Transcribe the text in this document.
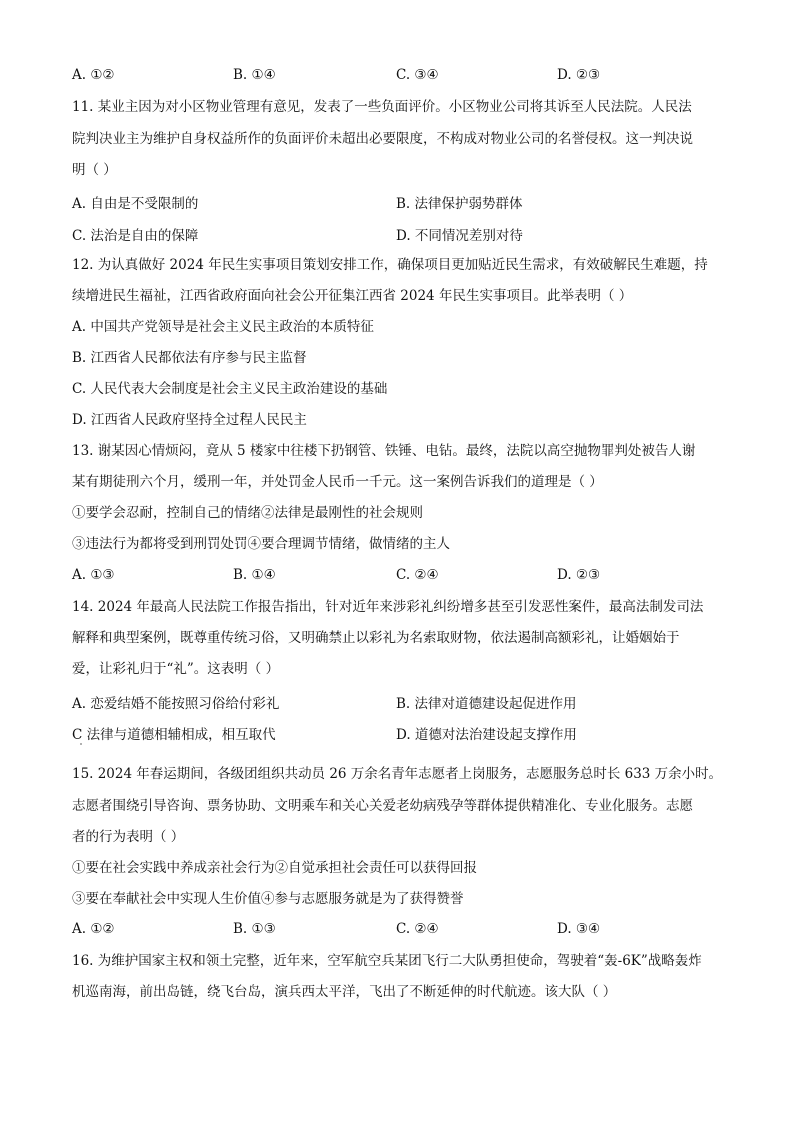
A. ①②	B. ①④	C. ③④	D. ②③
11. 某业主因为对小区物业管理有意见，发表了一些负面评价。小区物业公司将其诉至人民法院。人民法
院判决业主为维护自身权益所作的负面评价未超出必要限度，不构成对物业公司的名誉侵权。这一判决说
明（ ）
A. 自由是不受限制的	B. 法律保护弱势群体
C. 法治是自由的保障	D. 不同情况差别对待
12. 为认真做好 2024 年民生实事项目策划安排工作，确保项目更加贴近民生需求，有效破解民生难题，持
续增进民生福祉，江西省政府面向社会公开征集江西省 2024 年民生实事项目。此举表明（ ）
A. 中国共产党领导是社会主义民主政治的本质特征
B. 江西省人民都依法有序参与民主监督
C. 人民代表大会制度是社会主义民主政治建设的基础
D. 江西省人民政府坚持全过程人民民主
13. 谢某因心情烦闷，竟从 5 楼家中往楼下扔钢管、铁锤、电钻。最终，法院以高空抛物罪判处被告人谢
某有期徒刑六个月，缓刑一年，并处罚金人民币一千元。这一案例告诉我们的道理是（ ）
①要学会忍耐，控制自己的情绪②法律是最刚性的社会规则
③违法行为都将受到刑罚处罚④要合理调节情绪，做情绪的主人
A. ①③	B. ①④	C. ②④	D. ②③
14. 2024 年最高人民法院工作报告指出，针对近年来涉彩礼纠纷增多甚至引发恶性案件，最高法制发司法
解释和典型案例，既尊重传统习俗，又明确禁止以彩礼为名索取财物，依法遏制高额彩礼，让婚姻始于
爱，让彩礼归于“礼”。这表明（ ）
A. 恋爱结婚不能按照习俗给付彩礼	B. 法律对道德建设起促进作用
C 法律与道德相辅相成，相互取代	D. 道德对法治建设起支撑作用
15. 2024 年春运期间，各级团组织共动员 26 万余名青年志愿者上岗服务，志愿服务总时长 633 万余小时。
志愿者围绕引导咨询、票务协助、文明乘车和关心关爱老幼病残孕等群体提供精准化、专业化服务。志愿
者的行为表明（ ）
①要在社会实践中养成亲社会行为②自觉承担社会责任可以获得回报
③要在奉献社会中实现人生价值④参与志愿服务就是为了获得赞誉
A. ①②	B. ①③	C. ②④	D. ③④
16. 为维护国家主权和领土完整，近年来，空军航空兵某团飞行二大队勇担使命，驾驶着“轰-6K”战略轰炸
机巡南海，前出岛链，绕飞台岛，演兵西太平洋，飞出了不断延伸的时代航迹。该大队（ ）
